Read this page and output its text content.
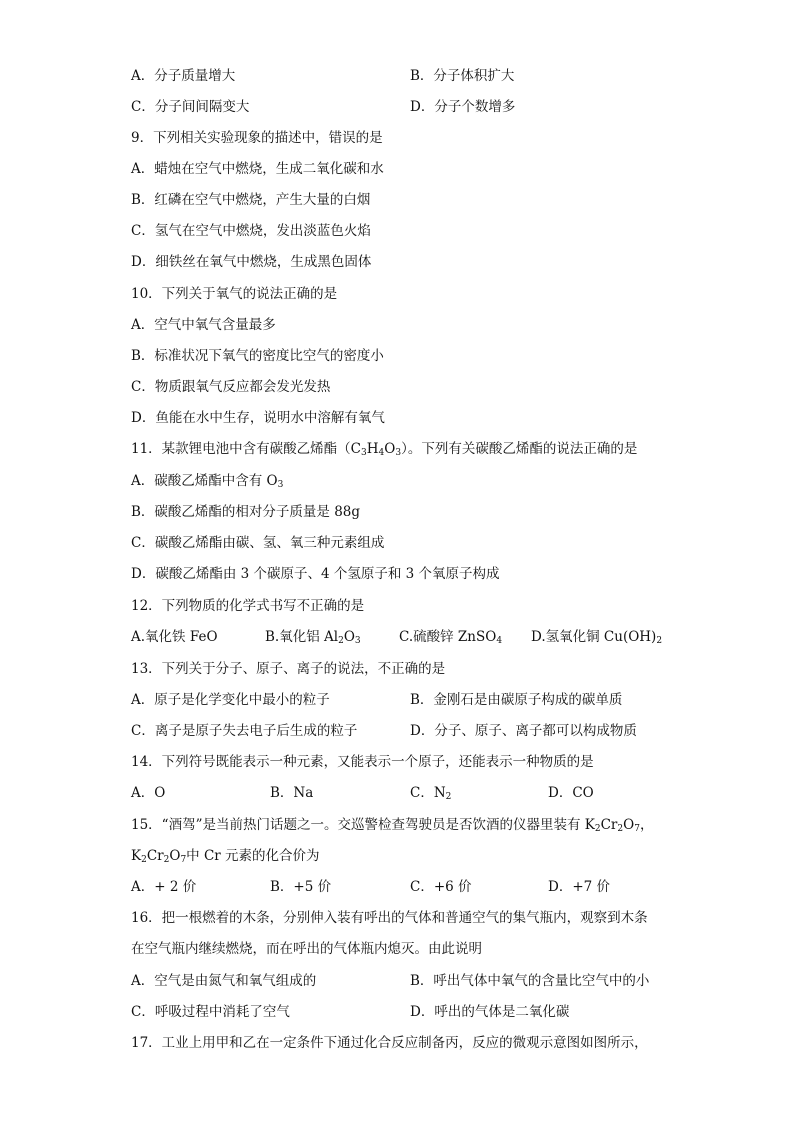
A．分子质量增大	B．分子体积扩大
C．分子间间隔变大	D．分子个数增多
9．下列相关实验现象的描述中，错误的是
A．蜡烛在空气中燃烧，生成二氧化碳和水
B．红磷在空气中燃烧，产生大量的白烟
C．氢气在空气中燃烧，发出淡蓝色火焰
D．细铁丝在氧气中燃烧，生成黑色固体
10．下列关于氧气的说法正确的是
A．空气中氧气含量最多
B．标准状况下氧气的密度比空气的密度小
C．物质跟氧气反应都会发光发热
D．鱼能在水中生存，说明水中溶解有氧气
11．某款锂电池中含有碳酸乙烯酯$(C_3H_4O_3)$。下列有关碳酸乙烯酯的说法正确的是
A．碳酸乙烯酯中含有 $O_3$
B．碳酸乙烯酯的相对分子质量是 88g
C．碳酸乙烯酯由碳、氢、氧三种元素组成
D．碳酸乙烯酯由 3 个碳原子、4 个氢原子和 3 个氧原子构成
12．下列物质的化学式书写不正确的是
A.氧化铁 FeO	B.氧化铝 $Al_2O_3$	C.硫酸锌 ZnSO$_4$ D.氢氧化铜 $Cu(OH)_2$
13．下列关于分子、原子、离子的说法，不正确的是
A．原子是化学变化中最小的粒子	B．金刚石是由碳原子构成的碳单质
C．离子是原子失去电子后生成的粒子	D．分子、原子、离子都可以构成物质
14．下列符号既能表示一种元素，又能表示一个原子，还能表示一种物质的是
A．O	B．Na	C．$N_2$	D．CO
15．“酒驾”是当前热门话题之一。交巡警检查驾驶员是否饮酒的仪器里装有 $K_2Cr_2O_7$，
$K_2Cr_2O_7$中 Cr 元素的化合价为
A．+ 2 价	B．+5 价	C．+6 价	D．+7 价
16．把一根燃着的木条，分别伸入装有呼出的气体和普通空气的集气瓶内，观察到木条
在空气瓶内继续燃烧，而在呼出的气体瓶内熄灭。由此说明
A．空气是由氮气和氧气组成的	B．呼出气体中氧气的含量比空气中的小
C．呼吸过程中消耗了空气	D．呼出的气体是二氧化碳
17．工业上用甲和乙在一定条件下通过化合反应制备丙，反应的微观示意图如图所示，
